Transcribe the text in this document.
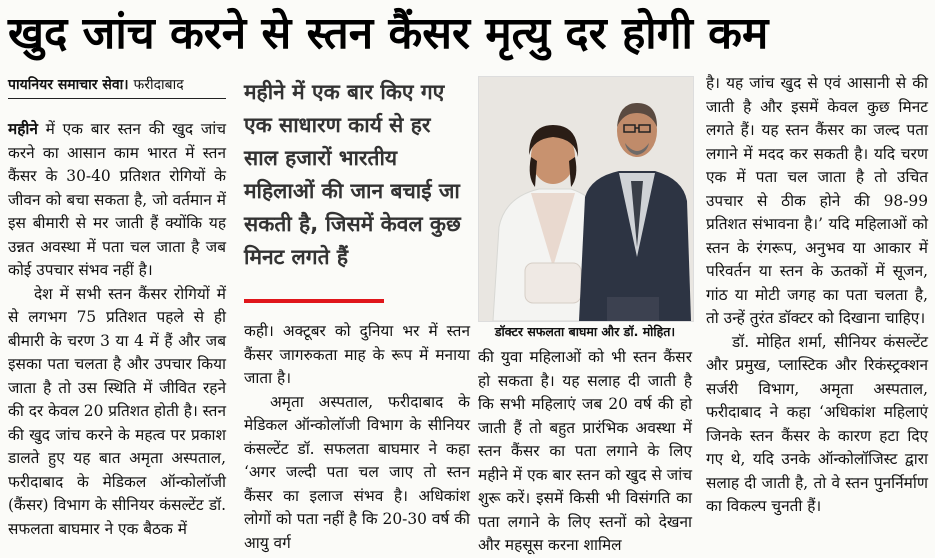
खुद जांच करने से स्तन कैंसर मृत्यु दर होगी कम
पायनियर समाचार सेवा। फरीदाबाद

महीने में एक बार स्तन की खुद जांच करने का आसान काम भारत में स्तन कैंसर के 30-40 प्रतिशत रोगियों के जीवन को बचा सकता है, जो वर्तमान में इस बीमारी से मर जाती हैं क्योंकि यह उन्नत अवस्था में पता चल जाता है जब कोई उपचार संभव नहीं है।

देश में सभी स्तन कैंसर रोगियों में से लगभग 75 प्रतिशत पहले से ही बीमारी के चरण 3 या 4 में हैं और जब इसका पता चलता है और उपचार किया जाता है तो उस स्थिति में जीवित रहने की दर केवल 20 प्रतिशत होती है। स्तन की खुद जांच करने के महत्व पर प्रकाश डालते हुए यह बात अमृता अस्पताल, फरीदाबाद के मेडिकल ऑन्कोलॉजी (कैंसर) विभाग के सीनियर कंसल्टेंट डॉ. सफलता बाघमार ने एक बैठक में

महीने में एक बार किए गए एक साधारण कार्य से हर साल हजारों भारतीय महिलाओं की जान बचाई जा सकती है, जिसमें केवल कुछ मिनट लगते हैं

कही। अक्टूबर को दुनिया भर में स्तन कैंसर जागरुकता माह के रूप में मनाया जाता है।

अमृता अस्पताल, फरीदाबाद के मेडिकल ऑन्कोलॉजी विभाग के सीनियर कंसल्टेंट डॉ. सफलता बाघमार ने कहा ‘अगर जल्दी पता चल जाए तो स्तन कैंसर का इलाज संभव है। अधिकांश लोगों को पता नहीं है कि 20-30 वर्ष की आयु वर्ग

डॉक्टर सफलता बाघमा और डॉ. मोहित।

की युवा महिलाओं को भी स्तन कैंसर हो सकता है। यह सलाह दी जाती है कि सभी महिलाएं जब 20 वर्ष की हो जाती हैं तो बहुत प्रारंभिक अवस्था में स्तन कैंसर का पता लगाने के लिए महीने में एक बार स्तन को खुद से जांच शुरू करें। इसमें किसी भी विसंगति का पता लगाने के लिए स्तनों को देखना और महसूस करना शामिल

है। यह जांच खुद से एवं आसानी से की जाती है और इसमें केवल कुछ मिनट लगते हैं। यह स्तन कैंसर का जल्द पता लगाने में मदद कर सकती है। यदि चरण एक में पता चल जाता है तो उचित उपचार से ठीक होने की 98-99 प्रतिशत संभावना है।’ यदि महिलाओं को स्तन के रंगरूप, अनुभव या आकार में परिवर्तन या स्तन के ऊतकों में सूजन, गांठ या मोटी जगह का पता चलता है, तो उन्हें तुरंत डॉक्टर को दिखाना चाहिए।

डॉ. मोहित शर्मा, सीनियर कंसल्टेंट और प्रमुख, प्लास्टिक और रिकंस्ट्रक्शन सर्जरी विभाग, अमृता अस्पताल, फरीदाबाद ने कहा ‘अधिकांश महिलाएं जिनके स्तन कैंसर के कारण हटा दिए गए थे, यदि उनके ऑन्कोलॉजिस्ट द्वारा सलाह दी जाती है, तो वे स्तन पुनर्निर्माण का विकल्प चुनती हैं।
